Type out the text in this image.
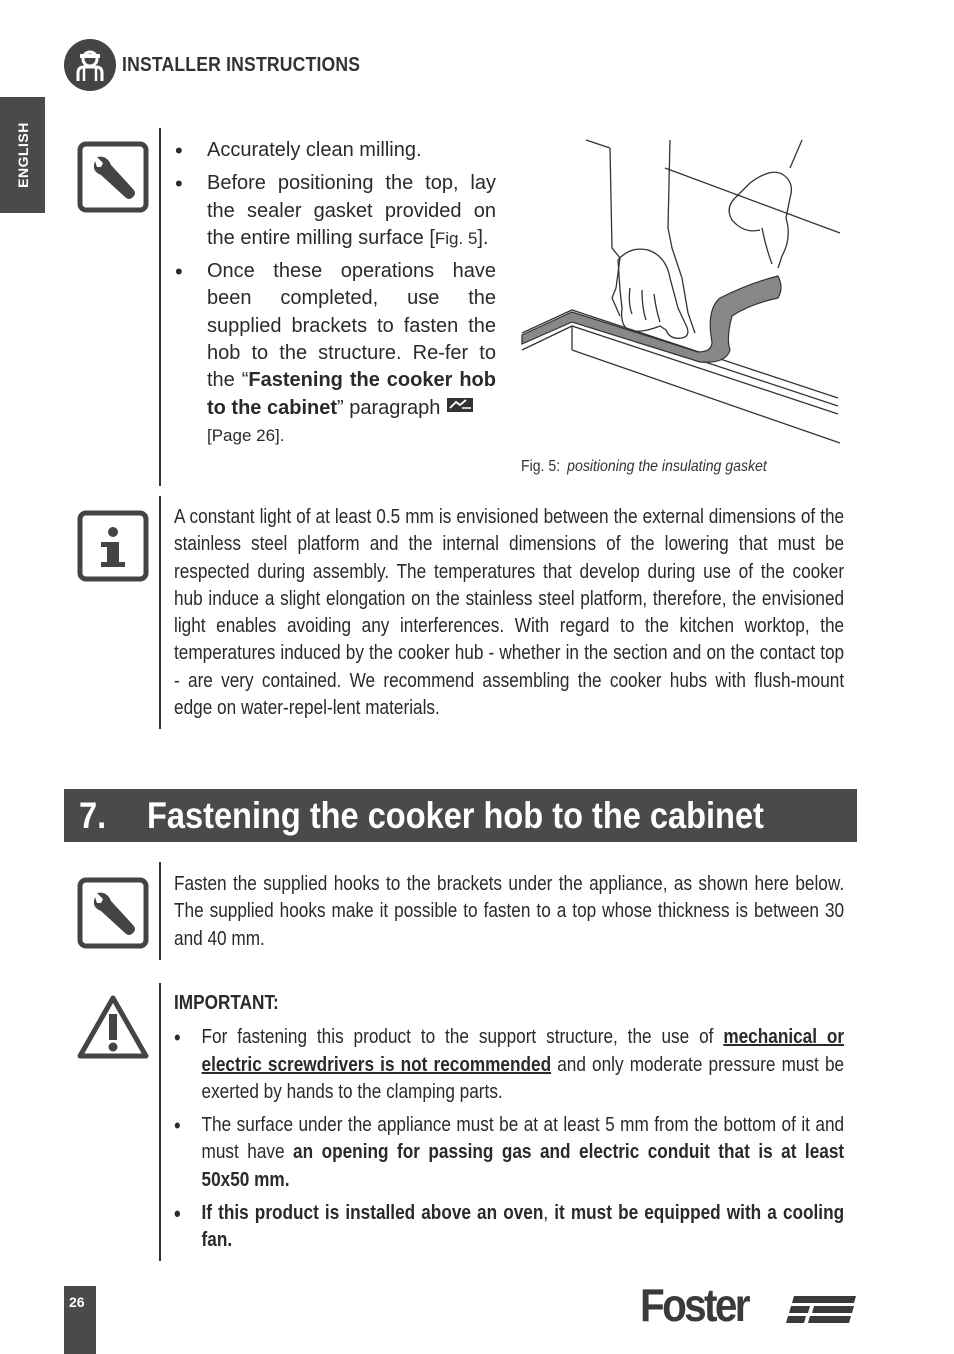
INSTALLER INSTRUCTIONS
ENGLISH
•	Accurately clean milling.
• Before positioning the top, lay the sealer gasket provided on the entire milling surface [Fig. 5].
• Once these operations have been completed, use the supplied brackets to fasten the hob to the structure. Re-fer to the “Fastening the cooker hob to the cabinet” paragraph
[Page 26].
Fig. 5: positioning the insulating gasket
A constant light of at least 0.5 mm is envisioned between the external dimensions of the stainless steel platform and the internal dimensions of the lowering that must be respected during assembly. The temperatures that develop during use of the cooker hub induce a slight elongation on the stainless steel platform, therefore, the envisioned light enables avoiding any interferences. With regard to the kitchen worktop, the temperatures induced by the cooker hub - whether in the section and on the contact top - are very contained. We recommend assembling the cooker hubs with flush-mount edge on water-repel-lent materials.
7. Fastening the cooker hob to the cabinet
Fasten the supplied hooks to the brackets under the appliance, as shown here below. The supplied hooks make it possible to fasten to a top whose thickness is between 30 and 40 mm.
IMPORTANT:
• For fastening this product to the support structure, the use of mechanical or electric screwdrivers is not recommended and only moderate pressure must be exerted by hands to the clamping parts.
• The surface under the appliance must be at at least 5 mm from the bottom of it and must have an opening for passing gas and electric conduit that is at least 50x50 mm.
• If this product is installed above an oven, it must be equipped with a cooling fan.
26	Foster
